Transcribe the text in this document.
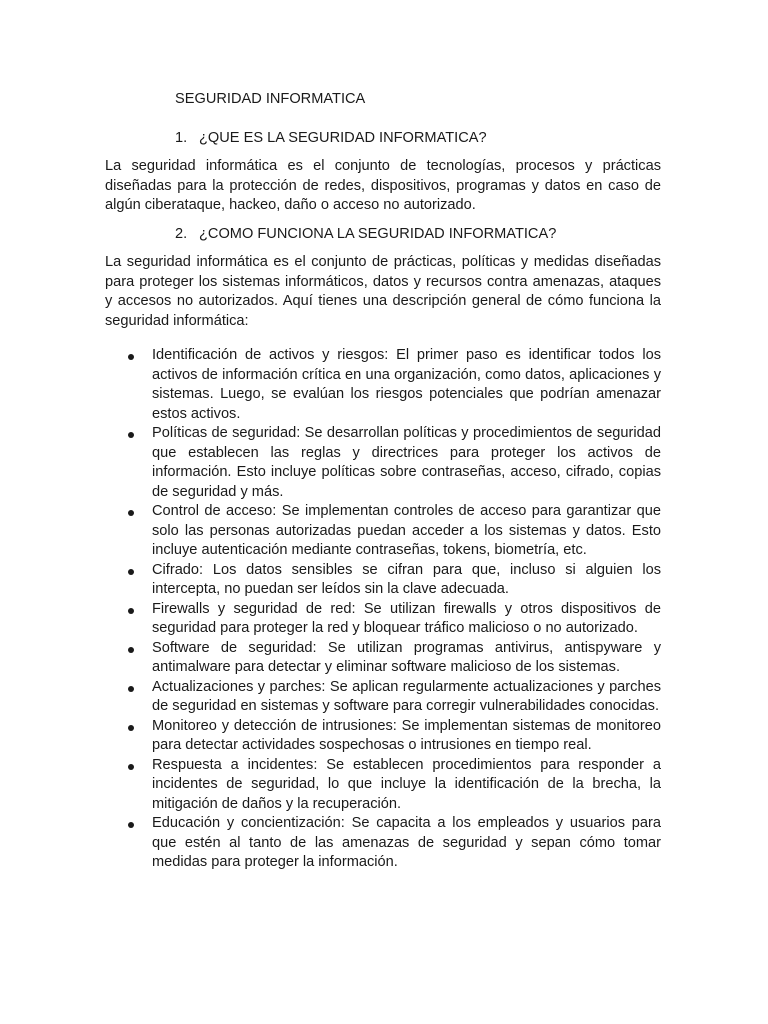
SEGURIDAD INFORMATICA
1. ¿QUE ES LA SEGURIDAD INFORMATICA?

La seguridad informática es el conjunto de tecnologías, procesos y prácticas diseñadas para la protección de redes, dispositivos, programas y datos en caso de algún ciberataque, hackeo, daño o acceso no autorizado.

2. ¿COMO FUNCIONA LA SEGURIDAD INFORMATICA?

La seguridad informática es el conjunto de prácticas, políticas y medidas diseñadas para proteger los sistemas informáticos, datos y recursos contra amenazas, ataques y accesos no autorizados. Aquí tienes una descripción general de cómo funciona la seguridad informática:

Identificación de activos y riesgos: El primer paso es identificar todos los activos de información crítica en una organización, como datos, aplicaciones y sistemas. Luego, se evalúan los riesgos potenciales que podrían amenazar estos activos.
Políticas de seguridad: Se desarrollan políticas y procedimientos de seguridad que establecen las reglas y directrices para proteger los activos de información. Esto incluye políticas sobre contraseñas, acceso, cifrado, copias de seguridad y más.
Control de acceso: Se implementan controles de acceso para garantizar que solo las personas autorizadas puedan acceder a los sistemas y datos. Esto incluye autenticación mediante contraseñas, tokens, biometría, etc.
Cifrado: Los datos sensibles se cifran para que, incluso si alguien los intercepta, no puedan ser leídos sin la clave adecuada.
Firewalls y seguridad de red: Se utilizan firewalls y otros dispositivos de seguridad para proteger la red y bloquear tráfico malicioso o no autorizado.
Software de seguridad: Se utilizan programas antivirus, antispyware y antimalware para detectar y eliminar software malicioso de los sistemas.
Actualizaciones y parches: Se aplican regularmente actualizaciones y parches de seguridad en sistemas y software para corregir vulnerabilidades conocidas.
Monitoreo y detección de intrusiones: Se implementan sistemas de monitoreo para detectar actividades sospechosas o intrusiones en tiempo real.
Respuesta a incidentes: Se establecen procedimientos para responder a incidentes de seguridad, lo que incluye la identificación de la brecha, la mitigación de daños y la recuperación.
Educación y concientización: Se capacita a los empleados y usuarios para que estén al tanto de las amenazas de seguridad y sepan cómo tomar medidas para proteger la información.
